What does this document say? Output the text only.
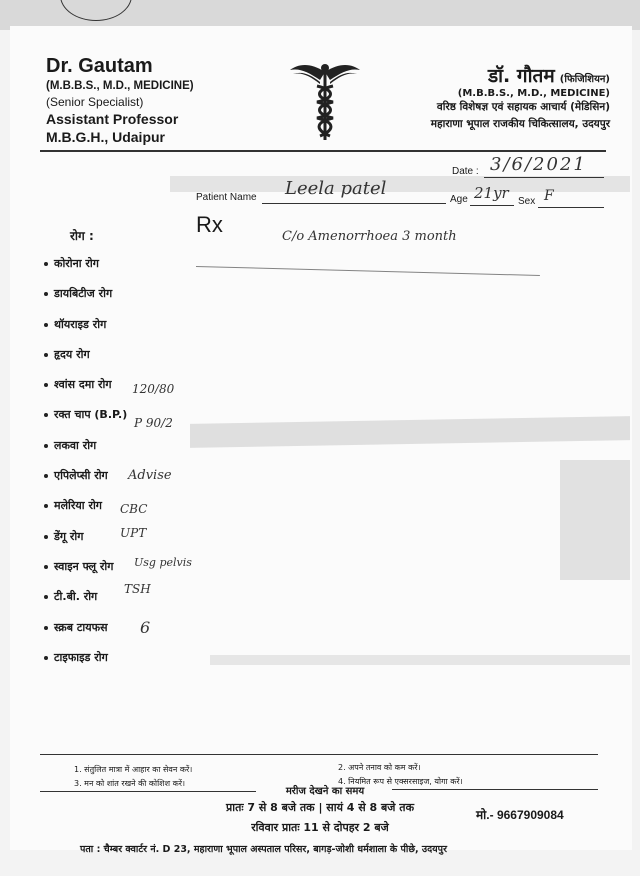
Dr. Gautam
(M.B.B.S., M.D., MEDICINE)
(Senior Specialist)
Assistant Professor
M.B.G.H., Udaipur
डॉ. गौतम (फिजिशियन)
(M.B.B.S., M.D., MEDICINE)
वरिष्ठ विशेषज्ञ एवं सहायक आचार्य (मेडिसिन)
महाराणा भूपाल राजकीय चिकित्सालय, उदयपुर
Date : 3/6/2021
Patient Name Leela patel
Age 21yr Sex F
Rx	C/o Amenorrhoea 3 month
रोग :
कोरोना रोग
डायबिटीज रोग
थॉयराइड रोग
हृदय रोग
श्वांस दमा रोग
रक्त चाप (B.P.)
लकवा रोग
एपिलेप्सी रोग
मलेरिया रोग
डेंगू रोग
स्वाइन फ्लू रोग
टी.बी. रोग
स्क्रब टायफस
टाइफाइड रोग
120/80
P 90/2
Advise
CBC
UPT
Usg pelvis
TSH
6
1. संतुलित मात्रा में आहार का सेवन करें।	2. अपने तनाव को कम करें।
3. मन को शांत रखने की कोशिश करें।	4. नियमित रूप से एक्सरसाइज, योगा करें।
मरीज देखने का समय
प्रातः 7 से 8 बजे तक | सायं 4 से 8 बजे तक
रविवार प्रातः 11 से दोपहर 2 बजे
मो.- 9667909084
पता : चैम्बर क्वार्टर नं. D 23, महाराणा भूपाल अस्पताल परिसर, बागड़-जोशी धर्मशाला के पीछे, उदयपुर
